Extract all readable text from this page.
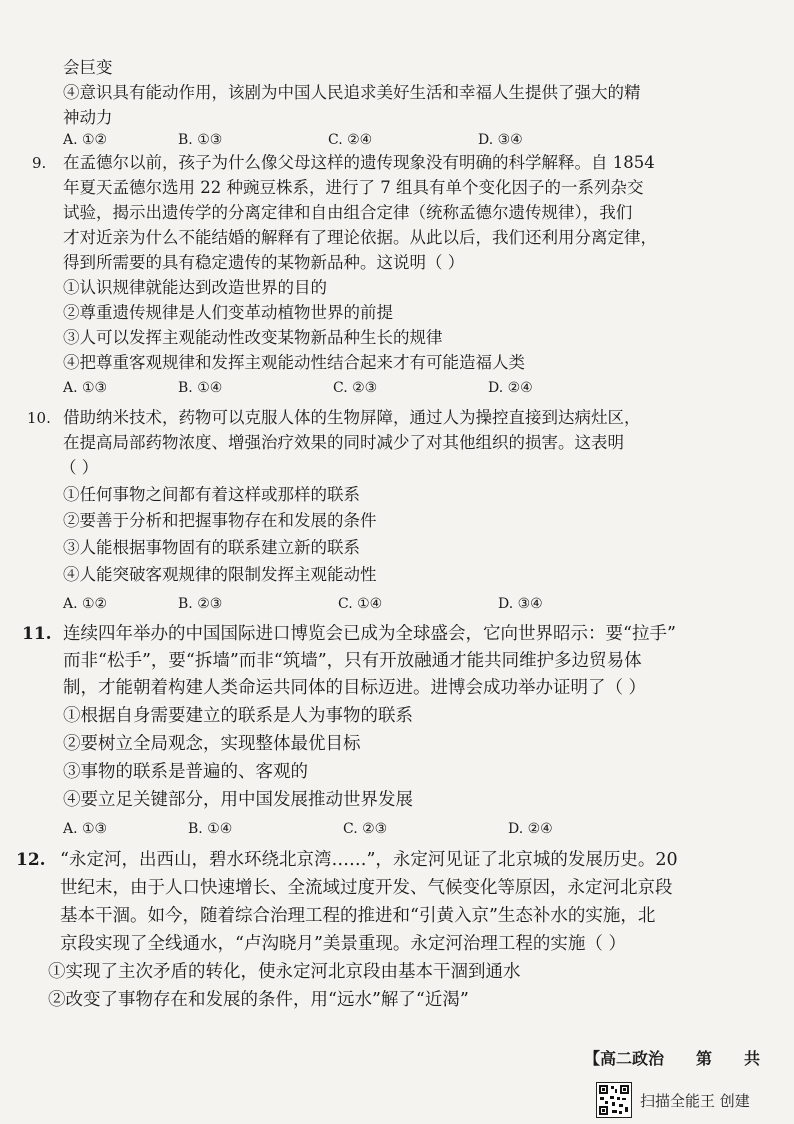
会巨变
④意识具有能动作用，该剧为中国人民追求美好生活和幸福人生提供了强大的精
神动力
A. ①②	B. ①③	C. ②④	D. ③④
9. 在孟德尔以前，孩子为什么像父母这样的遗传现象没有明确的科学解释。自 1854
年夏天孟德尔选用 22 种豌豆株系，进行了 7 组具有单个变化因子的一系列杂交
试验，揭示出遗传学的分离定律和自由组合定律（统称孟德尔遗传规律），我们
才对近亲为什么不能结婚的解释有了理论依据。从此以后，我们还利用分离定律，
得到所需要的具有稳定遗传的某物新品种。这说明（ ）
①认识规律就能达到改造世界的目的
②尊重遗传规律是人们变革动植物世界的前提
③人可以发挥主观能动性改变某物新品种生长的规律
④把尊重客观规律和发挥主观能动性结合起来才有可能造福人类
A. ①③	B. ①④	C. ②③	D. ②④
10. 借助纳米技术，药物可以克服人体的生物屏障，通过人为操控直接到达病灶区，
在提高局部药物浓度、增强治疗效果的同时减少了对其他组织的损害。这表明
（ ）
①任何事物之间都有着这样或那样的联系
②要善于分析和把握事物存在和发展的条件
③人能根据事物固有的联系建立新的联系
④人能突破客观规律的限制发挥主观能动性
A. ①②	B. ②③	C. ①④	D. ③④
11. 连续四年举办的中国国际进口博览会已成为全球盛会，它向世界昭示：要“拉手”
而非“松手”，要“拆墙”而非“筑墙”，只有开放融通才能共同维护多边贸易体
制，才能朝着构建人类命运共同体的目标迈进。进博会成功举办证明了（ ）
①根据自身需要建立的联系是人为事物的联系
②要树立全局观念，实现整体最优目标
③事物的联系是普遍的、客观的
④要立足关键部分，用中国发展推动世界发展
A. ①③	B. ①④	C. ②③	D. ②④
12. “永定河，出西山，碧水环绕北京湾……”，永定河见证了北京城的发展历史。20
世纪末，由于人口快速增长、全流域过度开发、气候变化等原因，永定河北京段
基本干涸。如今，随着综合治理工程的推进和“引黄入京”生态补水的实施，北
京段实现了全线通水，“卢沟晓月”美景重现。永定河治理工程的实施（ ）
①实现了主次矛盾的转化，使永定河北京段由基本干涸到通水
②改变了事物存在和发展的条件，用“远水”解了“近渴”
【高二政治　　第　　共
扫描全能王 创建
